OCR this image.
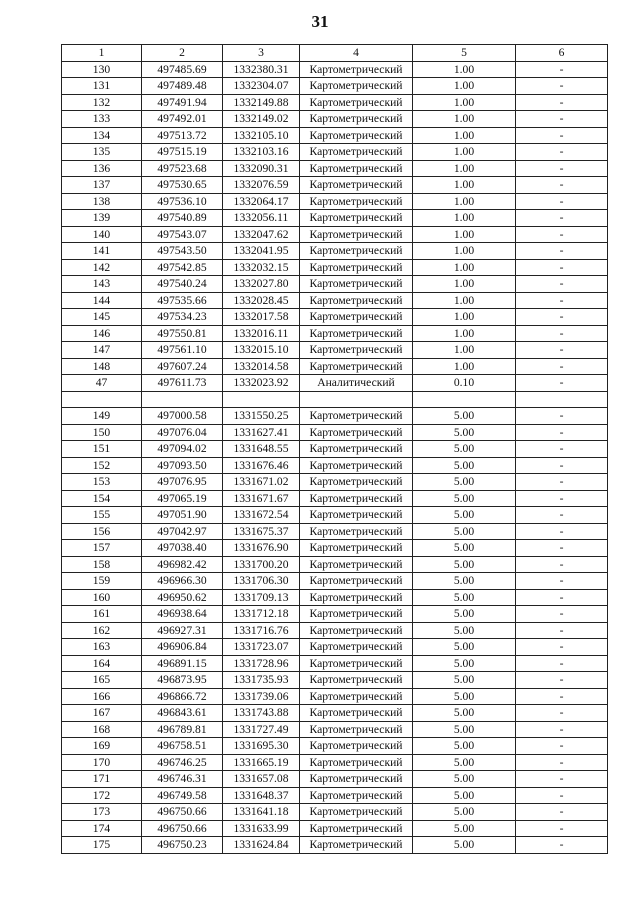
31
1	2	3	4	5	6
130	497485.69	1332380.31	Картометрический	1.00	-
131	497489.48	1332304.07	Картометрический	1.00	-
132	497491.94	1332149.88	Картометрический	1.00	-
133	497492.01	1332149.02	Картометрический	1.00	-
134	497513.72	1332105.10	Картометрический	1.00	-
135	497515.19	1332103.16	Картометрический	1.00	-
136	497523.68	1332090.31	Картометрический	1.00	-
137	497530.65	1332076.59	Картометрический	1.00	-
138	497536.10	1332064.17	Картометрический	1.00	-
139	497540.89	1332056.11	Картометрический	1.00	-
140	497543.07	1332047.62	Картометрический	1.00	-
141	497543.50	1332041.95	Картометрический	1.00	-
142	497542.85	1332032.15	Картометрический	1.00	-
143	497540.24	1332027.80	Картометрический	1.00	-
144	497535.66	1332028.45	Картометрический	1.00	-
145	497534.23	1332017.58	Картометрический	1.00	-
146	497550.81	1332016.11	Картометрический	1.00	-
147	497561.10	1332015.10	Картометрический	1.00	-
148	497607.24	1332014.58	Картометрический	1.00	-
47	497611.73	1332023.92	Аналитический	0.10	-

149	497000.58	1331550.25	Картометрический	5.00	-
150	497076.04	1331627.41	Картометрический	5.00	-
151	497094.02	1331648.55	Картометрический	5.00	-
152	497093.50	1331676.46	Картометрический	5.00	-
153	497076.95	1331671.02	Картометрический	5.00	-
154	497065.19	1331671.67	Картометрический	5.00	-
155	497051.90	1331672.54	Картометрический	5.00	-
156	497042.97	1331675.37	Картометрический	5.00	-
157	497038.40	1331676.90	Картометрический	5.00	-
158	496982.42	1331700.20	Картометрический	5.00	-
159	496966.30	1331706.30	Картометрический	5.00	-
160	496950.62	1331709.13	Картометрический	5.00	-
161	496938.64	1331712.18	Картометрический	5.00	-
162	496927.31	1331716.76	Картометрический	5.00	-
163	496906.84	1331723.07	Картометрический	5.00	-
164	496891.15	1331728.96	Картометрический	5.00	-
165	496873.95	1331735.93	Картометрический	5.00	-
166	496866.72	1331739.06	Картометрический	5.00	-
167	496843.61	1331743.88	Картометрический	5.00	-
168	496789.81	1331727.49	Картометрический	5.00	-
169	496758.51	1331695.30	Картометрический	5.00	-
170	496746.25	1331665.19	Картометрический	5.00	-
171	496746.31	1331657.08	Картометрический	5.00	-
172	496749.58	1331648.37	Картометрический	5.00	-
173	496750.66	1331641.18	Картометрический	5.00	-
174	496750.66	1331633.99	Картометрический	5.00	-
175	496750.23	1331624.84	Картометрический	5.00	-
